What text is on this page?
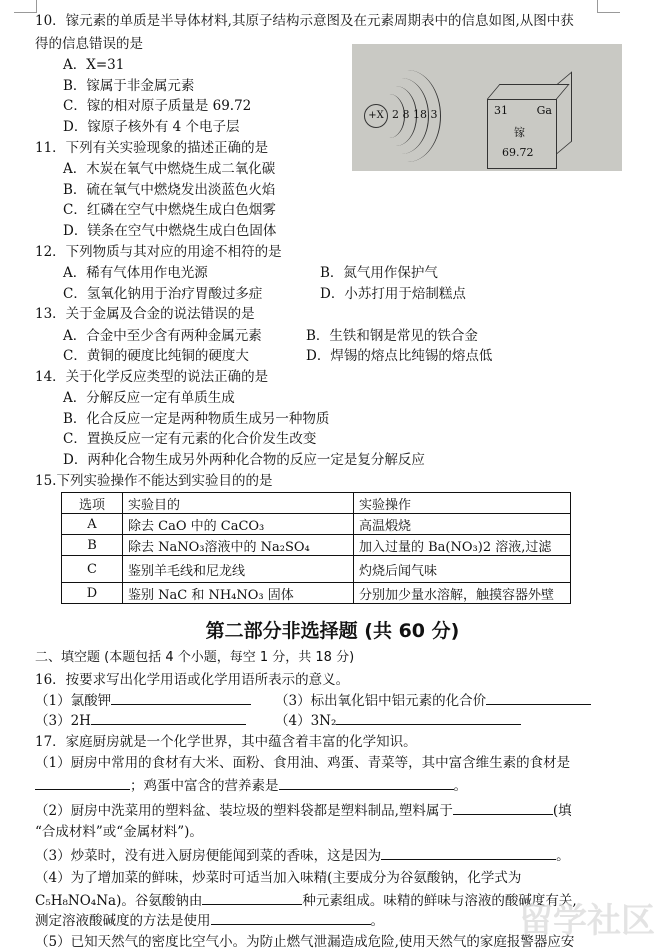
10．镓元素的单质是半导体材料,其原子结构示意图及在元素周期表中的信息如图,从图中获
得的信息错误的是
A．X=31
B．镓属于非金属元素
C．镓的相对原子质量是 69.72
D．镓原子核外有 4 个电子层
+X 2 8 18 3	31	Ga
镓
69.72
11．下列有关实验现象的描述正确的是
A．木炭在氧气中燃烧生成二氧化碳
B．硫在氧气中燃烧发出淡蓝色火焰
C．红磷在空气中燃烧生成白色烟雾
D．镁条在空气中燃烧生成白色固体
12．下列物质与其对应的用途不相符的是
A．稀有气体用作电光源	B．氮气用作保护气
C．氢氧化钠用于治疗胃酸过多症	D．小苏打用于焙制糕点
13．关于金属及合金的说法错误的是
A．合金中至少含有两种金属元素	B．生铁和钢是常见的铁合金
C．黄铜的硬度比纯铜的硬度大	D．焊锡的熔点比纯锡的熔点低
14．关于化学反应类型的说法正确的是
A．分解反应一定有单质生成
B．化合反应一定是两种物质生成另一种物质
C．置换反应一定有元素的化合价发生改变
D．两种化合物生成另外两种化合物的反应一定是复分解反应
15.下列实验操作不能达到实验目的的是
选项	实验目的	实验操作
A	除去 CaO 中的 CaCO₃	高温煅烧
B	除去 NaNO₃溶液中的 Na₂SO₄	加入过量的 Ba(NO₃)2 溶液,过滤
C	鉴别羊毛线和尼龙线	灼烧后闻气味
D	鉴别 NaC 和 NH₄NO₃ 固体	分别加少量水溶解，触摸容器外壁
第二部分非选择题 (共 60 分)
二、填空题 (本题包括 4 个小题，每空 1 分，共 18 分)
16．按要求写出化学用语或化学用语所表示的意义。
（1）氯酸钾	（3）标出氧化铝中铝元素的化合价
（3）2H	（4）3N₂
17．家庭厨房就是一个化学世界，其中蕴含着丰富的化学知识。
（1）厨房中常用的食材有大米、面粉、食用油、鸡蛋、青菜等，其中富含维生素的食材是
；鸡蛋中富含的营养素是	。
（2）厨房中洗菜用的塑料盆、装垃圾的塑料袋都是塑料制品,塑料属于	(填
“合成材料”或“金属材料”)。
（3）炒菜时，没有进入厨房便能闻到菜的香味，这是因为	。
（4）为了增加菜的鲜味，炒菜时可适当加入味精(主要成分为谷氨酸钠，化学式为
C₅H₈NO₄Na)。谷氨酸钠由	种元素组成。味精的鲜味与溶液的酸碱度有关,
测定溶液酸碱度的方法是使用	。
（5）已知天然气的密度比空气小。为防止燃气泄漏造成危险,使用天然气的家庭报警器应安
留学社区
